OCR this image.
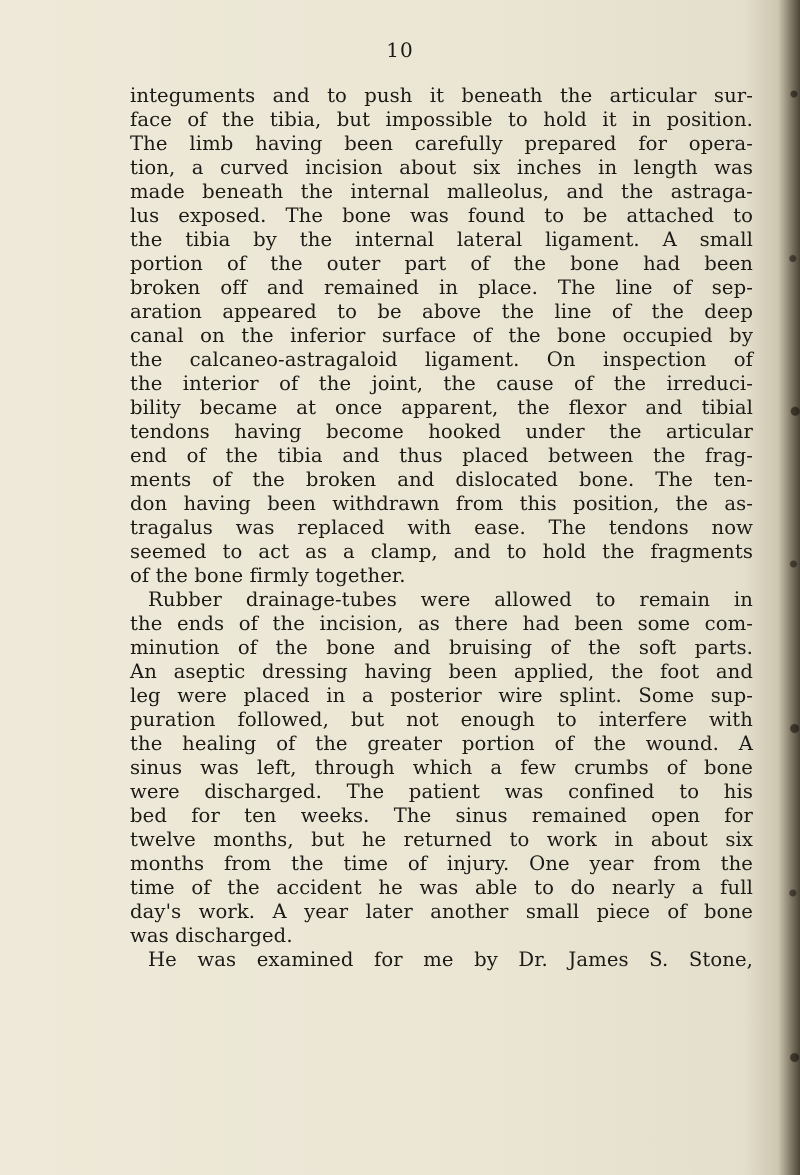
10
integuments and to push it beneath the articular sur-
face of the tibia, but impossible to hold it in position.
The limb having been carefully prepared for opera-
tion, a curved incision about six inches in length was
made beneath the internal malleolus, and the astraga-
lus exposed. The bone was found to be attached to
the tibia by the internal lateral ligament. A small
portion of the outer part of the bone had been
broken off and remained in place. The line of sep-
aration appeared to be above the line of the deep
canal on the inferior surface of the bone occupied by
the calcaneo-astragaloid ligament. On inspection of
the interior of the joint, the cause of the irreduci-
bility became at once apparent, the flexor and tibial
tendons having become hooked under the articular
end of the tibia and thus placed between the frag-
ments of the broken and dislocated bone. The ten-
don having been withdrawn from this position, the as-
tragalus was replaced with ease. The tendons now
seemed to act as a clamp, and to hold the fragments
of the bone firmly together.
Rubber drainage-tubes were allowed to remain in
the ends of the incision, as there had been some com-
minution of the bone and bruising of the soft parts.
An aseptic dressing having been applied, the foot and
leg were placed in a posterior wire splint. Some sup-
puration followed, but not enough to interfere with
the healing of the greater portion of the wound. A
sinus was left, through which a few crumbs of bone
were discharged. The patient was confined to his
bed for ten weeks. The sinus remained open for
twelve months, but he returned to work in about six
months from the time of injury. One year from the
time of the accident he was able to do nearly a full
day's work. A year later another small piece of bone
was discharged.
He was examined for me by Dr. James S. Stone,
